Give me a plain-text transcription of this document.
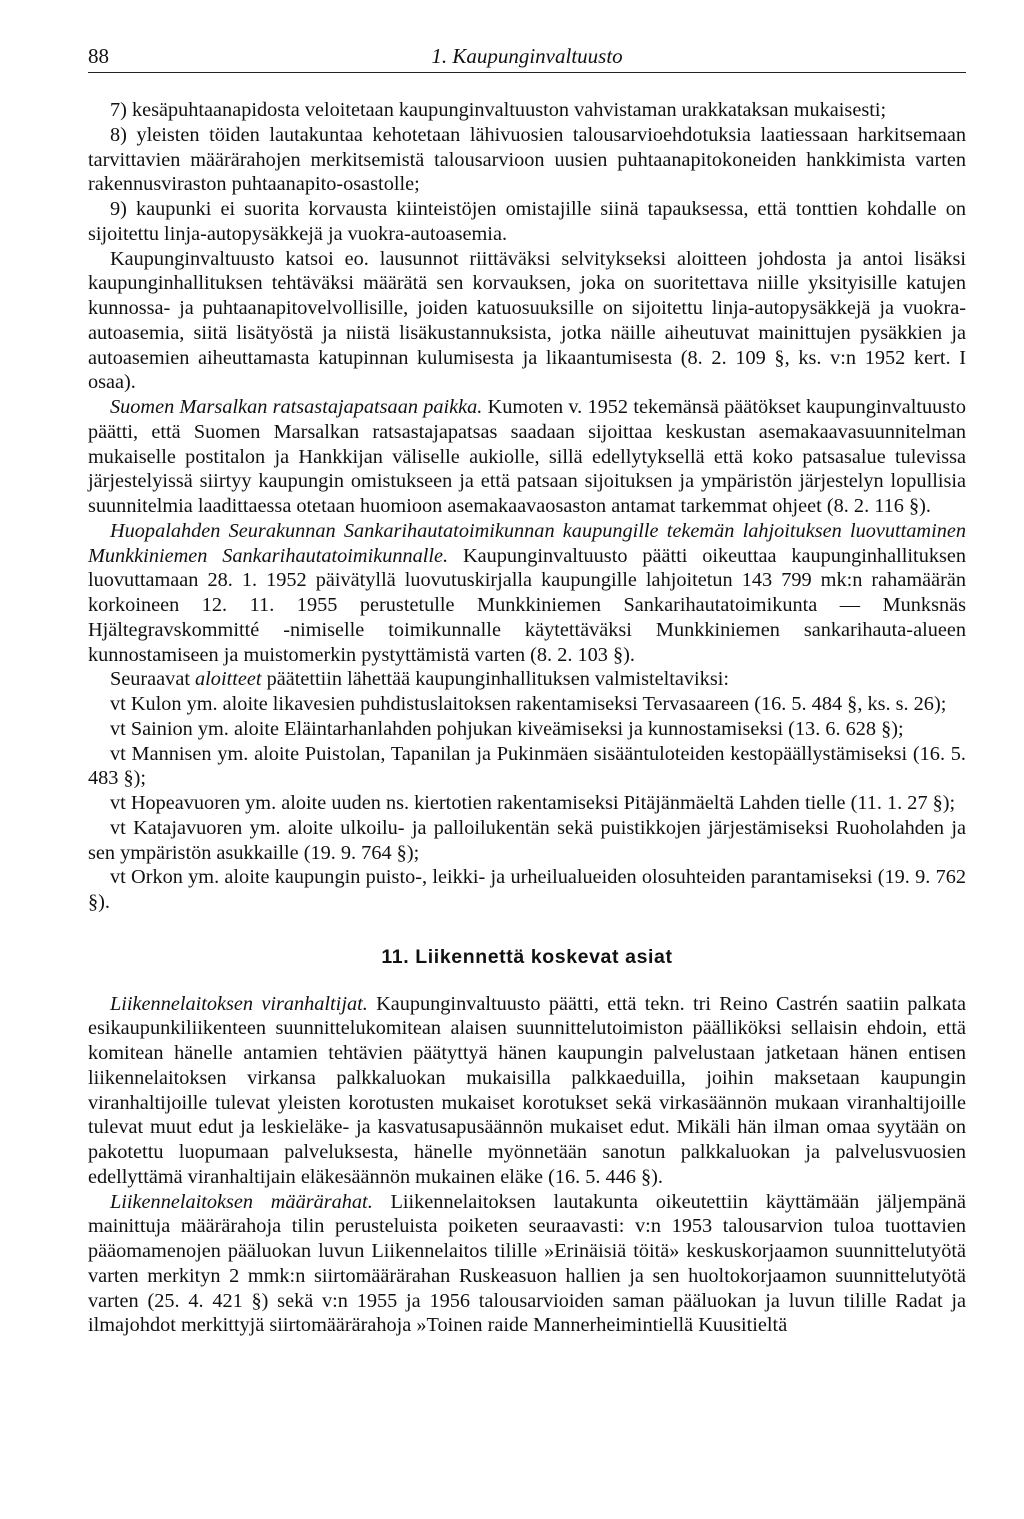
88	1. Kaupunginvaltuusto

7) kesäpuhtaanapidosta veloitetaan kaupunginvaltuuston vahvistaman urakkataksan mukaisesti;

8) yleisten töiden lautakuntaa kehotetaan lähivuosien talousarvioehdotuksia laatiessaan harkitsemaan tarvittavien määrärahojen merkitsemistä talousarvioon uusien puhtaanapitokoneiden hankkimista varten rakennusviraston puhtaanapito-osastolle;

9) kaupunki ei suorita korvausta kiinteistöjen omistajille siinä tapauksessa, että tonttien kohdalle on sijoitettu linja-autopysäkkejä ja vuokra-autoasemia.

Kaupunginvaltuusto katsoi eo. lausunnot riittäväksi selvitykseksi aloitteen johdosta ja antoi lisäksi kaupunginhallituksen tehtäväksi määrätä sen korvauksen, joka on suoritettava niille yksityisille katujen kunnossa- ja puhtaanapitovelvollisille, joiden katuosuuksille on sijoitettu linja-autopysäkkejä ja vuokra-autoasemia, siitä lisätyöstä ja niistä lisäkustannuksista, jotka näille aiheutuvat mainittujen pysäkkien ja autoasemien aiheuttamasta katupinnan kulumisesta ja likaantumisesta (8. 2. 109 §, ks. v:n 1952 kert. I osaa).

Suomen Marsalkan ratsastajapatsaan paikka. Kumoten v. 1952 tekemänsä päätökset kaupunginvaltuusto päätti, että Suomen Marsalkan ratsastajapatsas saadaan sijoittaa keskustan asemakaavasuunnitelman mukaiselle postitalon ja Hankkijan väliselle aukiolle, sillä edellytyksellä että koko patsasalue tulevissa järjestelyissä siirtyy kaupungin omistukseen ja että patsaan sijoituksen ja ympäristön järjestelyn lopullisia suunnitelmia laadittaessa otetaan huomioon asemakaavaosaston antamat tarkemmat ohjeet (8. 2. 116 §).

Huopalahden Seurakunnan Sankarihautatoimikunnan kaupungille tekemän lahjoituksen luovuttaminen Munkkiniemen Sankarihautatoimikunnalle. Kaupunginvaltuusto päätti oikeuttaa kaupunginhallituksen luovuttamaan 28. 1. 1952 päivätyllä luovutuskirjalla kaupungille lahjoitetun 143 799 mk:n rahamäärän korkoineen 12. 11. 1955 perustetulle Munkkiniemen Sankarihautatoimikunta — Munksnäs Hjältegravskommitté -nimiselle toimikunnalle käytettäväksi Munkkiniemen sankarihauta-alueen kunnostamiseen ja muistomerkin pystyttämistä varten (8. 2. 103 §).

Seuraavat aloitteet päätettiin lähettää kaupunginhallituksen valmisteltaviksi:

vt Kulon ym. aloite likavesien puhdistuslaitoksen rakentamiseksi Tervasaareen (16. 5. 484 §, ks. s. 26);

vt Sainion ym. aloite Eläintarhanlahden pohjukan kiveämiseksi ja kunnostamiseksi (13. 6. 628 §);

vt Mannisen ym. aloite Puistolan, Tapanilan ja Pukinmäen sisääntuloteiden kestopäällystämiseksi (16. 5. 483 §);

vt Hopeavuoren ym. aloite uuden ns. kiertotien rakentamiseksi Pitäjänmäeltä Lahden tielle (11. 1. 27 §);

vt Katajavuoren ym. aloite ulkoilu- ja palloilukentän sekä puistikkojen järjestämiseksi Ruoholahden ja sen ympäristön asukkaille (19. 9. 764 §);

vt Orkon ym. aloite kaupungin puisto-, leikki- ja urheilualueiden olosuhteiden parantamiseksi (19. 9. 762 §).

11. Liikennettä koskevat asiat

Liikennelaitoksen viranhaltijat. Kaupunginvaltuusto päätti, että tekn. tri Reino Castrén saatiin palkata esikaupunkiliikenteen suunnittelukomitean alaisen suunnittelutoimiston päälliköksi sellaisin ehdoin, että komitean hänelle antamien tehtävien päätyttyä hänen kaupungin palvelustaan jatketaan hänen entisen liikennelaitoksen virkansa palkkaluokan mukaisilla palkkaeduilla, joihin maksetaan kaupungin viranhaltijoille tulevat yleisten korotusten mukaiset korotukset sekä virkasäännön mukaan viranhaltijoille tulevat muut edut ja leskieläke- ja kasvatusapusäännön mukaiset edut. Mikäli hän ilman omaa syytään on pakotettu luopumaan palveluksesta, hänelle myönnetään sanotun palkkaluokan ja palvelusvuosien edellyttämä viranhaltijain eläkesäännön mukainen eläke (16. 5. 446 §).

Liikennelaitoksen määrärahat. Liikennelaitoksen lautakunta oikeutettiin käyttämään jäljempänä mainittuja määrärahoja tilin perusteluista poiketen seuraavasti: v:n 1953 talousarvion tuloa tuottavien pääomamenojen pääluokan luvun Liikennelaitos tilille »Erinäisiä töitä» keskuskorjaamon suunnittelutyötä varten merkityn 2 mmk:n siirtomäärärahan Ruskeasuon hallien ja sen huoltokorjaamon suunnittelutyötä varten (25. 4. 421 §) sekä v:n 1955 ja 1956 talousarvioiden saman pääluokan ja luvun tilille Radat ja ilmajohdot merkittyjä siirtomäärärahoja »Toinen raide Mannerheimintiellä Kuusitieltä
